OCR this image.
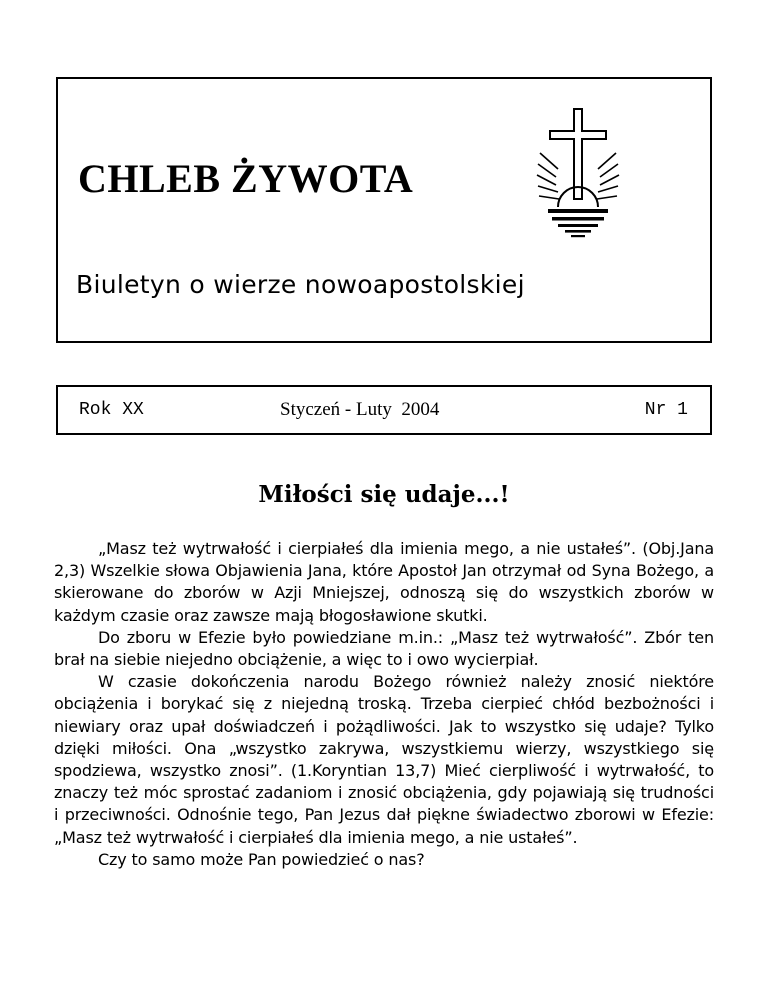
CHLEB ŻYWOTA
Biuletyn o wierze nowoapostolskiej
Rok XX	Styczeń - Luty  2004	Nr 1
Miłości się udaje...!

„Masz też wytrwałość i cierpiałeś dla imienia mego, a nie ustałeś”. (Obj.Jana 2,3) Wszelkie słowa Objawienia Jana, które Apostoł Jan otrzymał od Syna Bożego, a skierowane do zborów w Azji Mniejszej, odnoszą się do wszystkich zborów w każdym czasie oraz zawsze mają błogosławione skutki.

Do zboru w Efezie było powiedziane m.in.: „Masz też wytrwałość”. Zbór ten brał na siebie niejedno obciążenie, a więc to i owo wycierpiał.

W czasie dokończenia narodu Bożego również należy znosić niektóre obciążenia i borykać się z niejedną troską. Trzeba cierpieć chłód bezbożności i niewiary oraz upał doświadczeń i pożądliwości. Jak to wszystko się udaje? Tylko dzięki miłości. Ona „wszystko zakrywa, wszystkiemu wierzy, wszystkiego się spodziewa, wszystko znosi”. (1.Koryntian 13,7) Mieć cierpliwość i wytrwałość, to znaczy też móc sprostać zadaniom i znosić obciążenia, gdy pojawiają się trudności i przeciwności. Odnośnie tego, Pan Jezus dał piękne świadectwo zborowi w Efezie: „Masz też wytrwałość i cierpiałeś dla imienia mego, a nie ustałeś”.

Czy to samo może Pan powiedzieć o nas?
